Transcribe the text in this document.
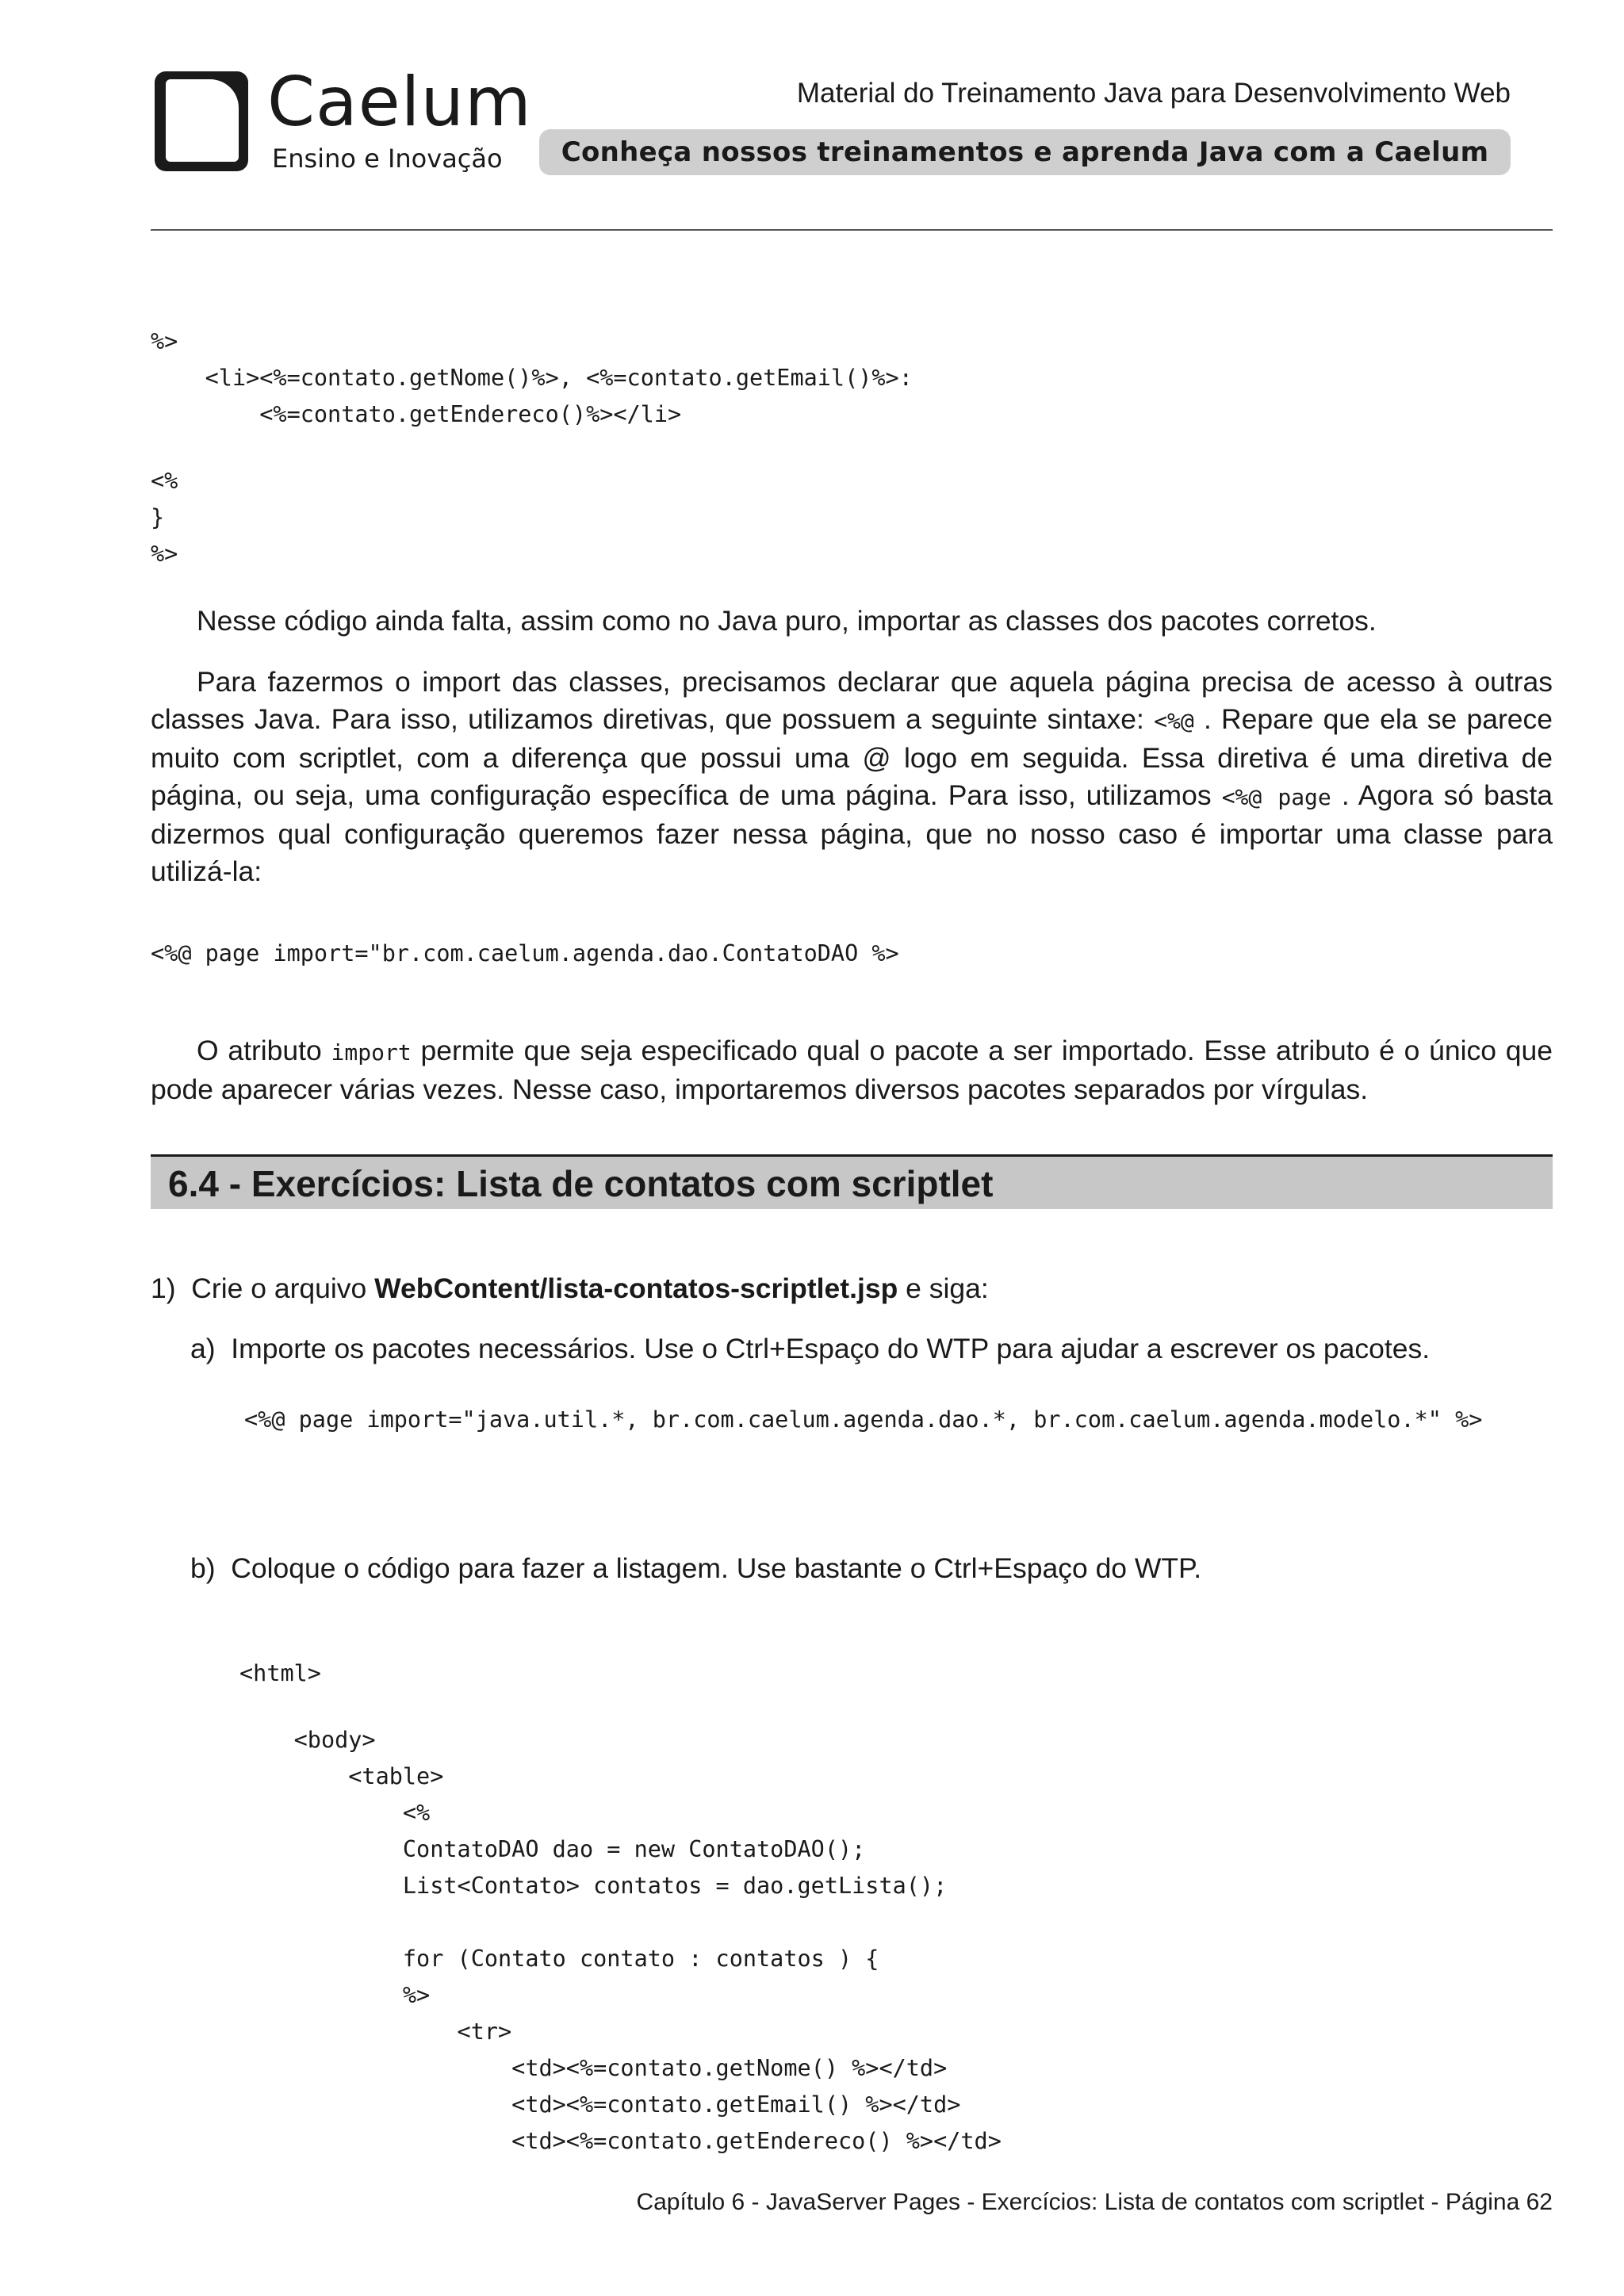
✱ Caelum
Ensino e Inovação
Material do Treinamento Java para Desenvolvimento Web
Conheça nossos treinamentos e aprenda Java com a Caelum

%>
<li><%=contato.getNome()%>, <%=contato.getEmail()%>:
<%=contato.getEndereco()%></li>
<%
}
%>

Nesse código ainda falta, assim como no Java puro, importar as classes dos pacotes corretos.
Para fazermos o import das classes, precisamos declarar que aquela página precisa de acesso à outras classes Java. Para isso, utilizamos diretivas, que possuem a seguinte sintaxe: <%@ . Repare que ela se parece muito com scriptlet, com a diferença que possui uma @ logo em seguida. Essa diretiva é uma diretiva de página, ou seja, uma configuração específica de uma página. Para isso, utilizamos <%@ page . Agora só basta dizermos qual configuração queremos fazer nessa página, que no nosso caso é importar uma classe para utilizá-la:
<%@ page import="br.com.caelum.agenda.dao.ContatoDAO %>
O atributo import permite que seja especificado qual o pacote a ser importado. Esse atributo é o único que pode aparecer várias vezes. Nesse caso, importaremos diversos pacotes separados por vírgulas.
6.4 - Exercícios: Lista de contatos com scriptlet
1)  Crie o arquivo WebContent/lista-contatos-scriptlet.jsp e siga:
a)  Importe os pacotes necessários. Use o Ctrl+Espaço do WTP para ajudar a escrever os pacotes.
<%@ page import="java.util.*, br.com.caelum.agenda.dao.*, br.com.caelum.agenda.modelo.*" %>
b)  Coloque o código para fazer a listagem. Use bastante o Ctrl+Espaço do WTP.

<html>
<body>
<table>
<%
ContatoDAO dao = new ContatoDAO();
List<Contato> contatos = dao.getLista();
for (Contato contato : contatos ) {
%>
<tr>
<td><%=contato.getNome() %></td>
<td><%=contato.getEmail() %></td>
<td><%=contato.getEndereco() %></td>

Capítulo 6 - JavaServer Pages - Exercícios: Lista de contatos com scriptlet - Página 62
